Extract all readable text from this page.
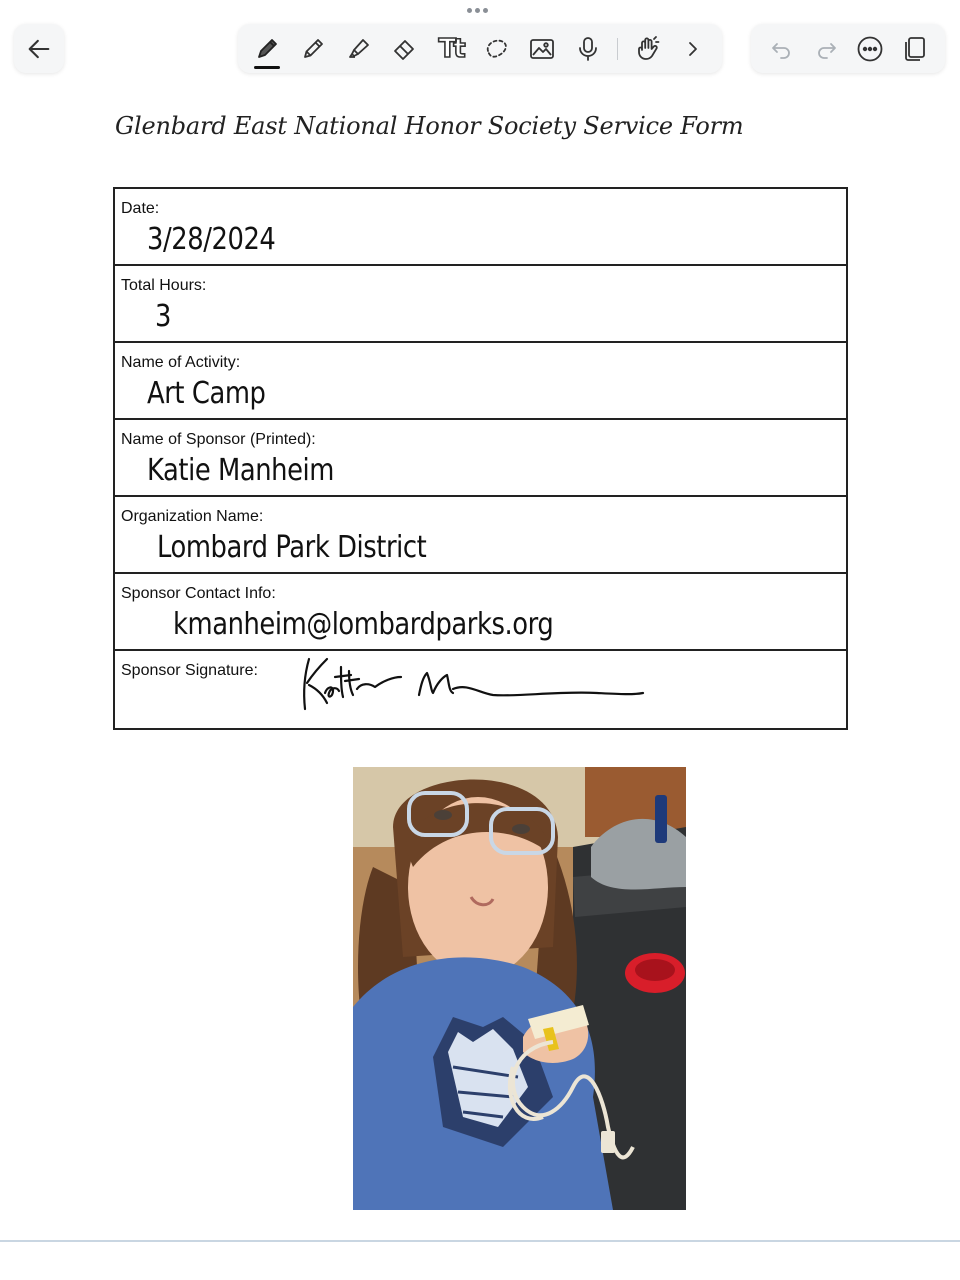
Tt
Glenbard East National Honor Society Service Form
Date:
3/28/2024
Total Hours:
3
Name of Activity:
Art Camp
Name of Sponsor (Printed):
Katie Manheim
Organization Name:
Lombard Park District
Sponsor Contact Info:
kmanheim@lombardparks.org
Sponsor Signature:
